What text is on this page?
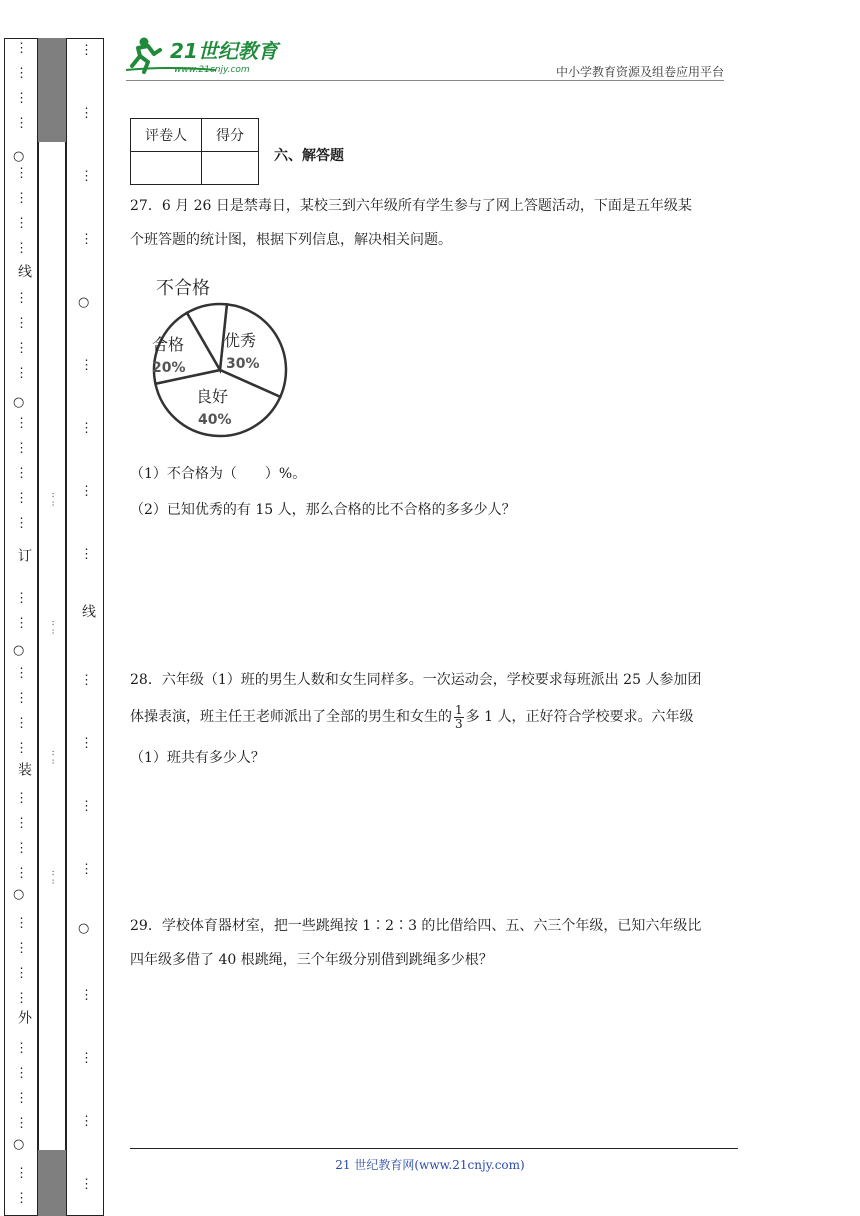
⋮
⋮
⋮
⋮
⋮
⋮
⋮
⋮
⋮
⋮
⋮
⋮
⋮
⋮
⋮
⋮
⋮
⋮
⋮
⋮
⋮
⋮
⋮
⋮
⋮
⋮
⋮
⋮
⋮
⋮
⋮
⋮
⋮
⋮
⋮
⋮
⋮
○
○
○
○
○
⋮
⋮
⋮
⋮
⋮
⋮
⋮
⋮
⋮
⋮
⋮
⋮
⋮
⋮
⋮
⋮
○
○
线
订
装
外
线
·· ··
·· ··
·· ··
·· ··
21世纪教育
www.21cnjy.com	中小学教育资源及组卷应用平台
评卷人	得分

六、解答题
27．6 月 26 日是禁毒日，某校三到六年级所有学生参与了网上答题活动，下面是五年级某
个班答题的统计图，根据下列信息，解决相关问题。
不合格
优秀
30%
良好
40%
合格
20%
（1）不合格为（　　）%。
（2）已知优秀的有 15 人，那么合格的比不合格的多多少人？
28．六年级（1）班的男生人数和女生同样多。一次运动会，学校要求每班派出 25 人参加团
体操表演，班主任王老师派出了全部的男生和女生的 $\frac{1}{3}$ 多 1 人，正好符合学校要求。六年级
（1）班共有多少人？
29．学校体育器材室，把一些跳绳按 1∶2∶3 的比借给四、五、六三个年级，已知六年级比
四年级多借了 40 根跳绳，三个年级分别借到跳绳多少根？
21 世纪教育网(www.21cnjy.com)
